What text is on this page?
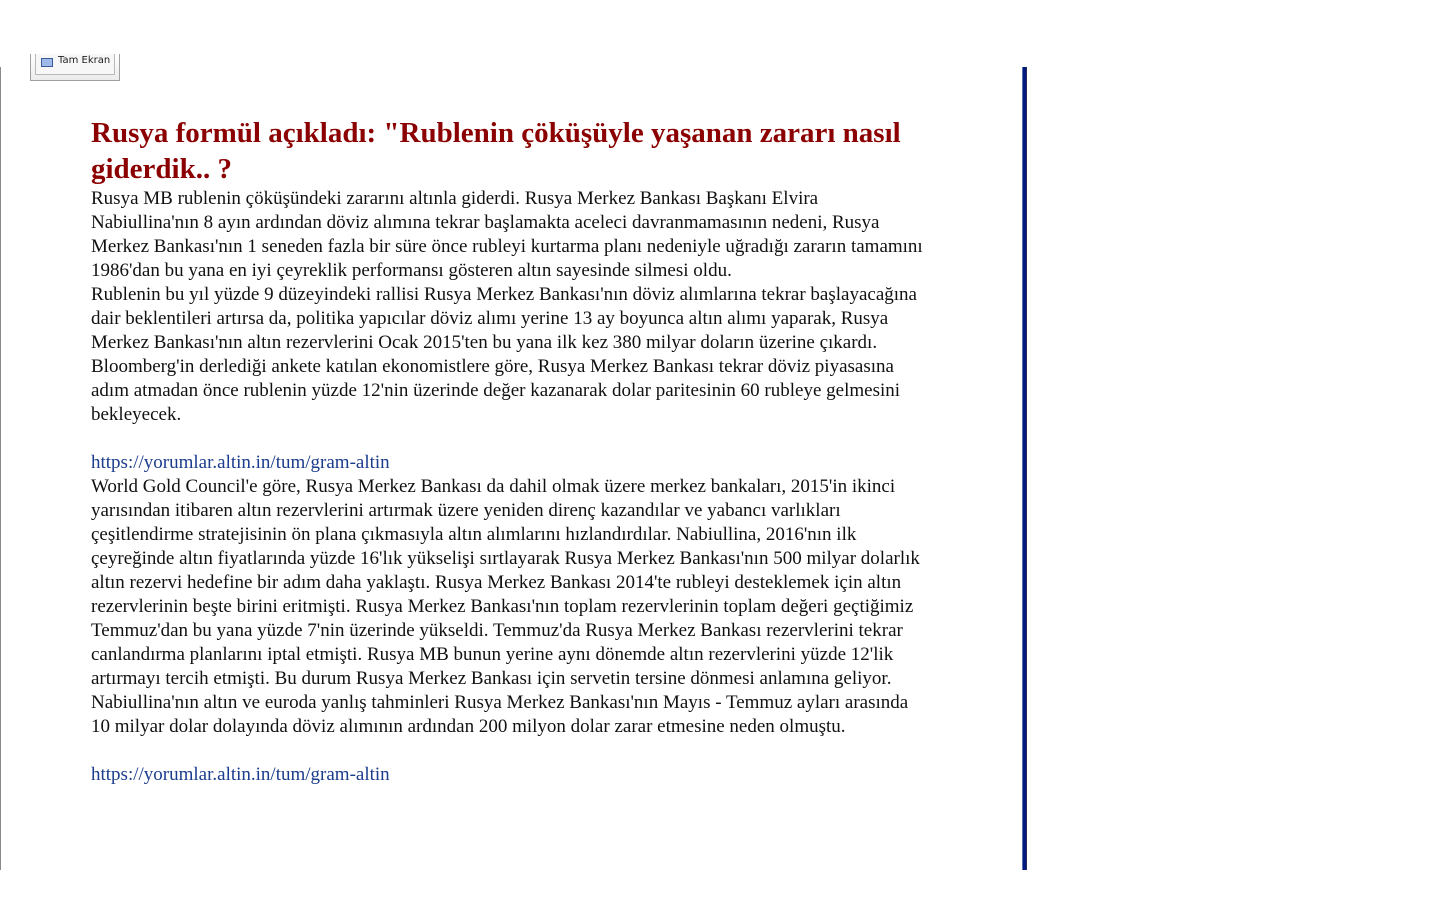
Tam Ekran
Rusya formül açıkladı: "Rublenin çöküşüyle yaşanan zararı nasıl giderdik.. ?

Rusya MB rublenin çöküşündeki zararını altınla giderdi. Rusya Merkez Bankası Başkanı Elvira Nabiullina'nın 8 ayın ardından döviz alımına tekrar başlamakta aceleci davranmamasının nedeni, Rusya Merkez Bankası'nın 1 seneden fazla bir süre önce rubleyi kurtarma planı nedeniyle uğradığı zararın tamamını 1986'dan bu yana en iyi çeyreklik performansı gösteren altın sayesinde silmesi oldu.

Rublenin bu yıl yüzde 9 düzeyindeki rallisi Rusya Merkez Bankası'nın döviz alımlarına tekrar başlayacağına dair beklentileri artırsa da, politika yapıcılar döviz alımı yerine 13 ay boyunca altın alımı yaparak, Rusya Merkez Bankası'nın altın rezervlerini Ocak 2015'ten bu yana ilk kez 380 milyar doların üzerine çıkardı. Bloomberg'in derlediği ankete katılan ekonomistlere göre, Rusya Merkez Bankası tekrar döviz piyasasına adım atmadan önce rublenin yüzde 12'nin üzerinde değer kazanarak dolar paritesinin 60 rubleye gelmesini bekleyecek.

https://yorumlar.altin.in/tum/gram-altin

World Gold Council'e göre, Rusya Merkez Bankası da dahil olmak üzere merkez bankaları, 2015'in ikinci yarısından itibaren altın rezervlerini artırmak üzere yeniden direnç kazandılar ve yabancı varlıkları çeşitlendirme stratejisinin ön plana çıkmasıyla altın alımlarını hızlandırdılar. Nabiullina, 2016'nın ilk çeyreğinde altın fiyatlarında yüzde 16'lık yükselişi sırtlayarak Rusya Merkez Bankası'nın 500 milyar dolarlık altın rezervi hedefine bir adım daha yaklaştı. Rusya Merkez Bankası 2014'te rubleyi desteklemek için altın rezervlerinin beşte birini eritmişti. Rusya Merkez Bankası'nın toplam rezervlerinin toplam değeri geçtiğimiz Temmuz'dan bu yana yüzde 7'nin üzerinde yükseldi. Temmuz'da Rusya Merkez Bankası rezervlerini tekrar canlandırma planlarını iptal etmişti. Rusya MB bunun yerine aynı dönemde altın rezervlerini yüzde 12'lik artırmayı tercih etmişti. Bu durum Rusya Merkez Bankası için servetin tersine dönmesi anlamına geliyor. Nabiullina'nın altın ve euroda yanlış tahminleri Rusya Merkez Bankası'nın Mayıs - Temmuz ayları arasında 10 milyar dolar dolayında döviz alımının ardından 200 milyon dolar zarar etmesine neden olmuştu.

https://yorumlar.altin.in/tum/gram-altin
